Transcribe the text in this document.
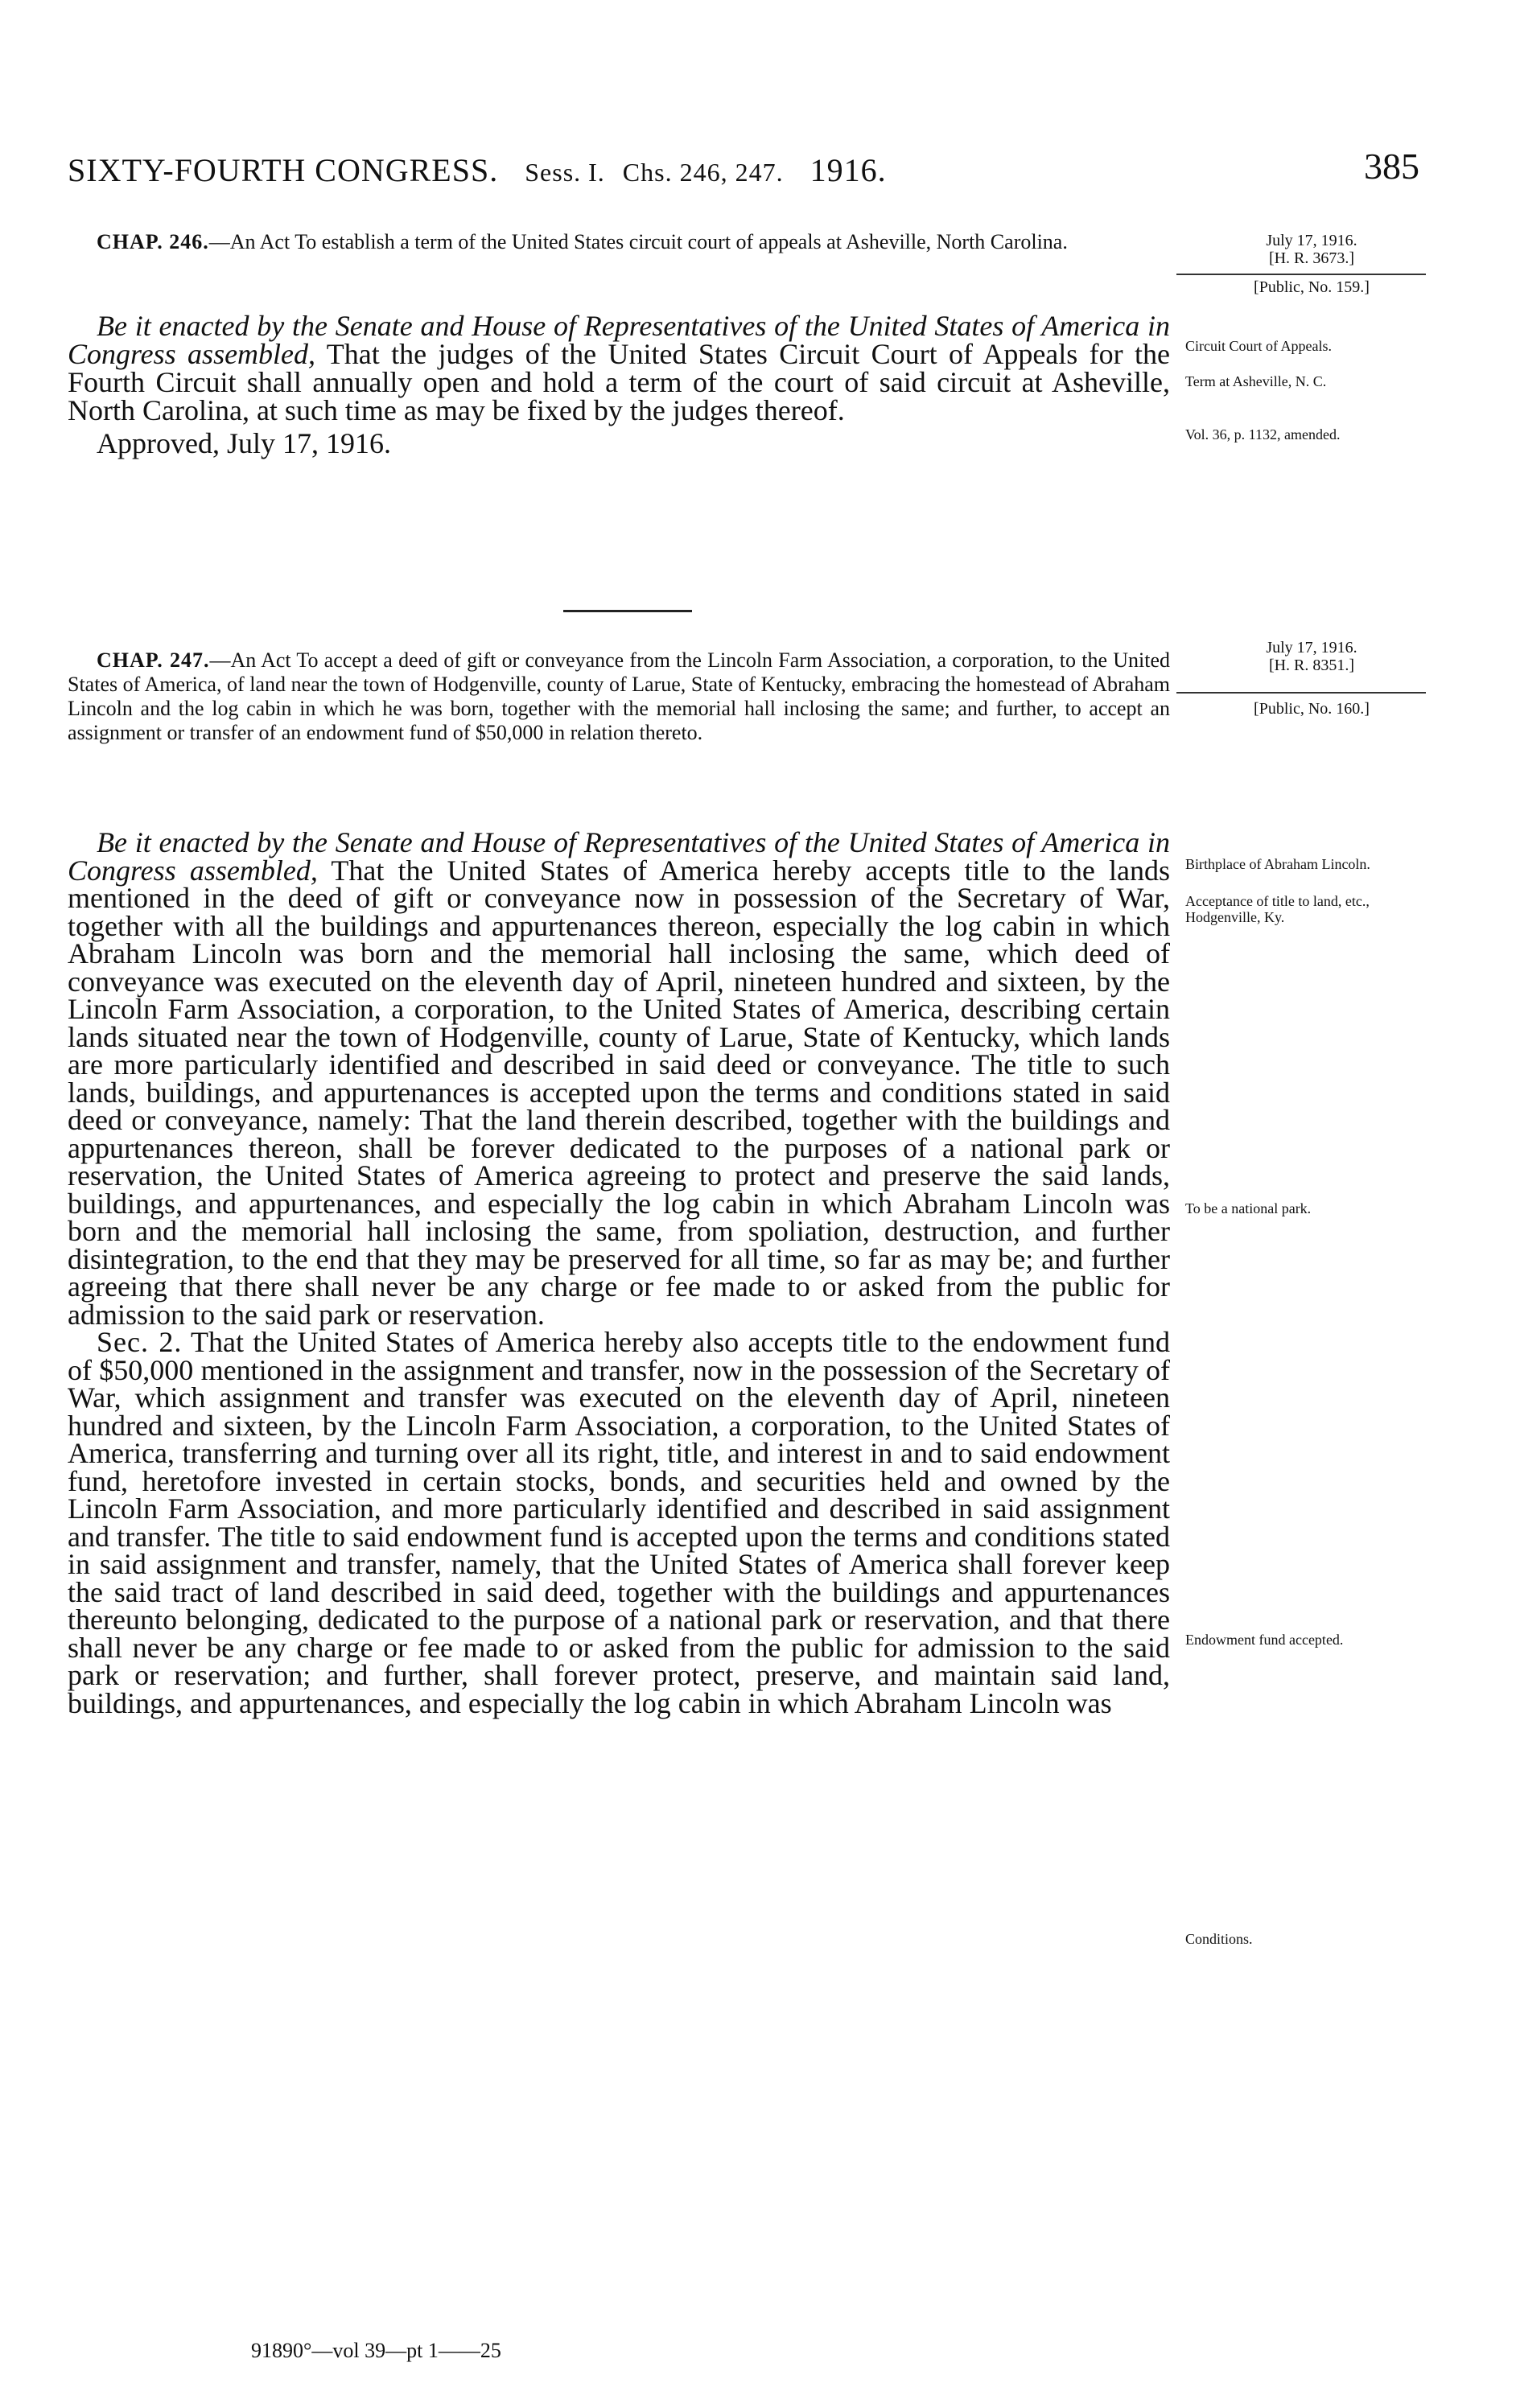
SIXTY-FOURTH CONGRESS. Sess. I. Chs. 246, 247. 1916.	385

CHAP. 246.—An Act To establish a term of the United States circuit court of appeals at Asheville, North Carolina.

Be it enacted by the Senate and House of Representatives of the United States of America in Congress assembled, That the judges of the United States Circuit Court of Appeals for the Fourth Circuit shall annually open and hold a term of the court of said circuit at Asheville, North Carolina, at such time as may be fixed by the judges thereof.

Approved, July 17, 1916.

July 17, 1916.
[H. R. 3673.]
[Public, No. 159.]
Circuit Court of Appeals.
Term at Asheville, N. C.
Vol. 36, p. 1132, amended.

CHAP. 247.—An Act To accept a deed of gift or conveyance from the Lincoln Farm Association, a corporation, to the United States of America, of land near the town of Hodgenville, county of Larue, State of Kentucky, embracing the homestead of Abraham Lincoln and the log cabin in which he was born, together with the memorial hall inclosing the same; and further, to accept an assignment or transfer of an endowment fund of $50,000 in relation thereto.

July 17, 1916.
[H. R. 8351.]
[Public, No. 160.]

Be it enacted by the Senate and House of Representatives of the United States of America in Congress assembled, That the United States of America hereby accepts title to the lands mentioned in the deed of gift or conveyance now in possession of the Secretary of War, together with all the buildings and appurtenances thereon, especially the log cabin in which Abraham Lincoln was born and the memorial hall inclosing the same, which deed of conveyance was executed on the eleventh day of April, nineteen hundred and sixteen, by the Lincoln Farm Association, a corporation, to the United States of America, describing certain lands situated near the town of Hodgenville, county of Larue, State of Kentucky, which lands are more particularly identified and described in said deed or conveyance. The title to such lands, buildings, and appurtenances is accepted upon the terms and conditions stated in said deed or conveyance, namely: That the land therein described, together with the buildings and appurtenances thereon, shall be forever dedicated to the purposes of a national park or reservation, the United States of America agreeing to protect and preserve the said lands, buildings, and appurtenances, and especially the log cabin in which Abraham Lincoln was born and the memorial hall inclosing the same, from spoliation, destruction, and further disintegration, to the end that they may be preserved for all time, so far as may be; and further agreeing that there shall never be any charge or fee made to or asked from the public for admission to the said park or reservation.

Sec. 2. That the United States of America hereby also accepts title to the endowment fund of $50,000 mentioned in the assignment and transfer, now in the possession of the Secretary of War, which assignment and transfer was executed on the eleventh day of April, nineteen hundred and sixteen, by the Lincoln Farm Association, a corporation, to the United States of America, transferring and turning over all its right, title, and interest in and to said endowment fund, heretofore invested in certain stocks, bonds, and securities held and owned by the Lincoln Farm Association, and more particularly identified and described in said assignment and transfer. The title to said endowment fund is accepted upon the terms and conditions stated in said assignment and transfer, namely, that the United States of America shall forever keep the said tract of land described in said deed, together with the buildings and appurtenances thereunto belonging, dedicated to the purpose of a national park or reservation, and that there shall never be any charge or fee made to or asked from the public for admission to the said park or reservation; and further, shall forever protect, preserve, and maintain said land, buildings, and appurtenances, and especially the log cabin in which Abraham Lincoln was

Birthplace of Abraham Lincoln.
Acceptance of title to land, etc., Hodgenville, Ky.
To be a national park.
Endowment fund accepted.
Conditions.
91890°—vol 39—pt 1——25
